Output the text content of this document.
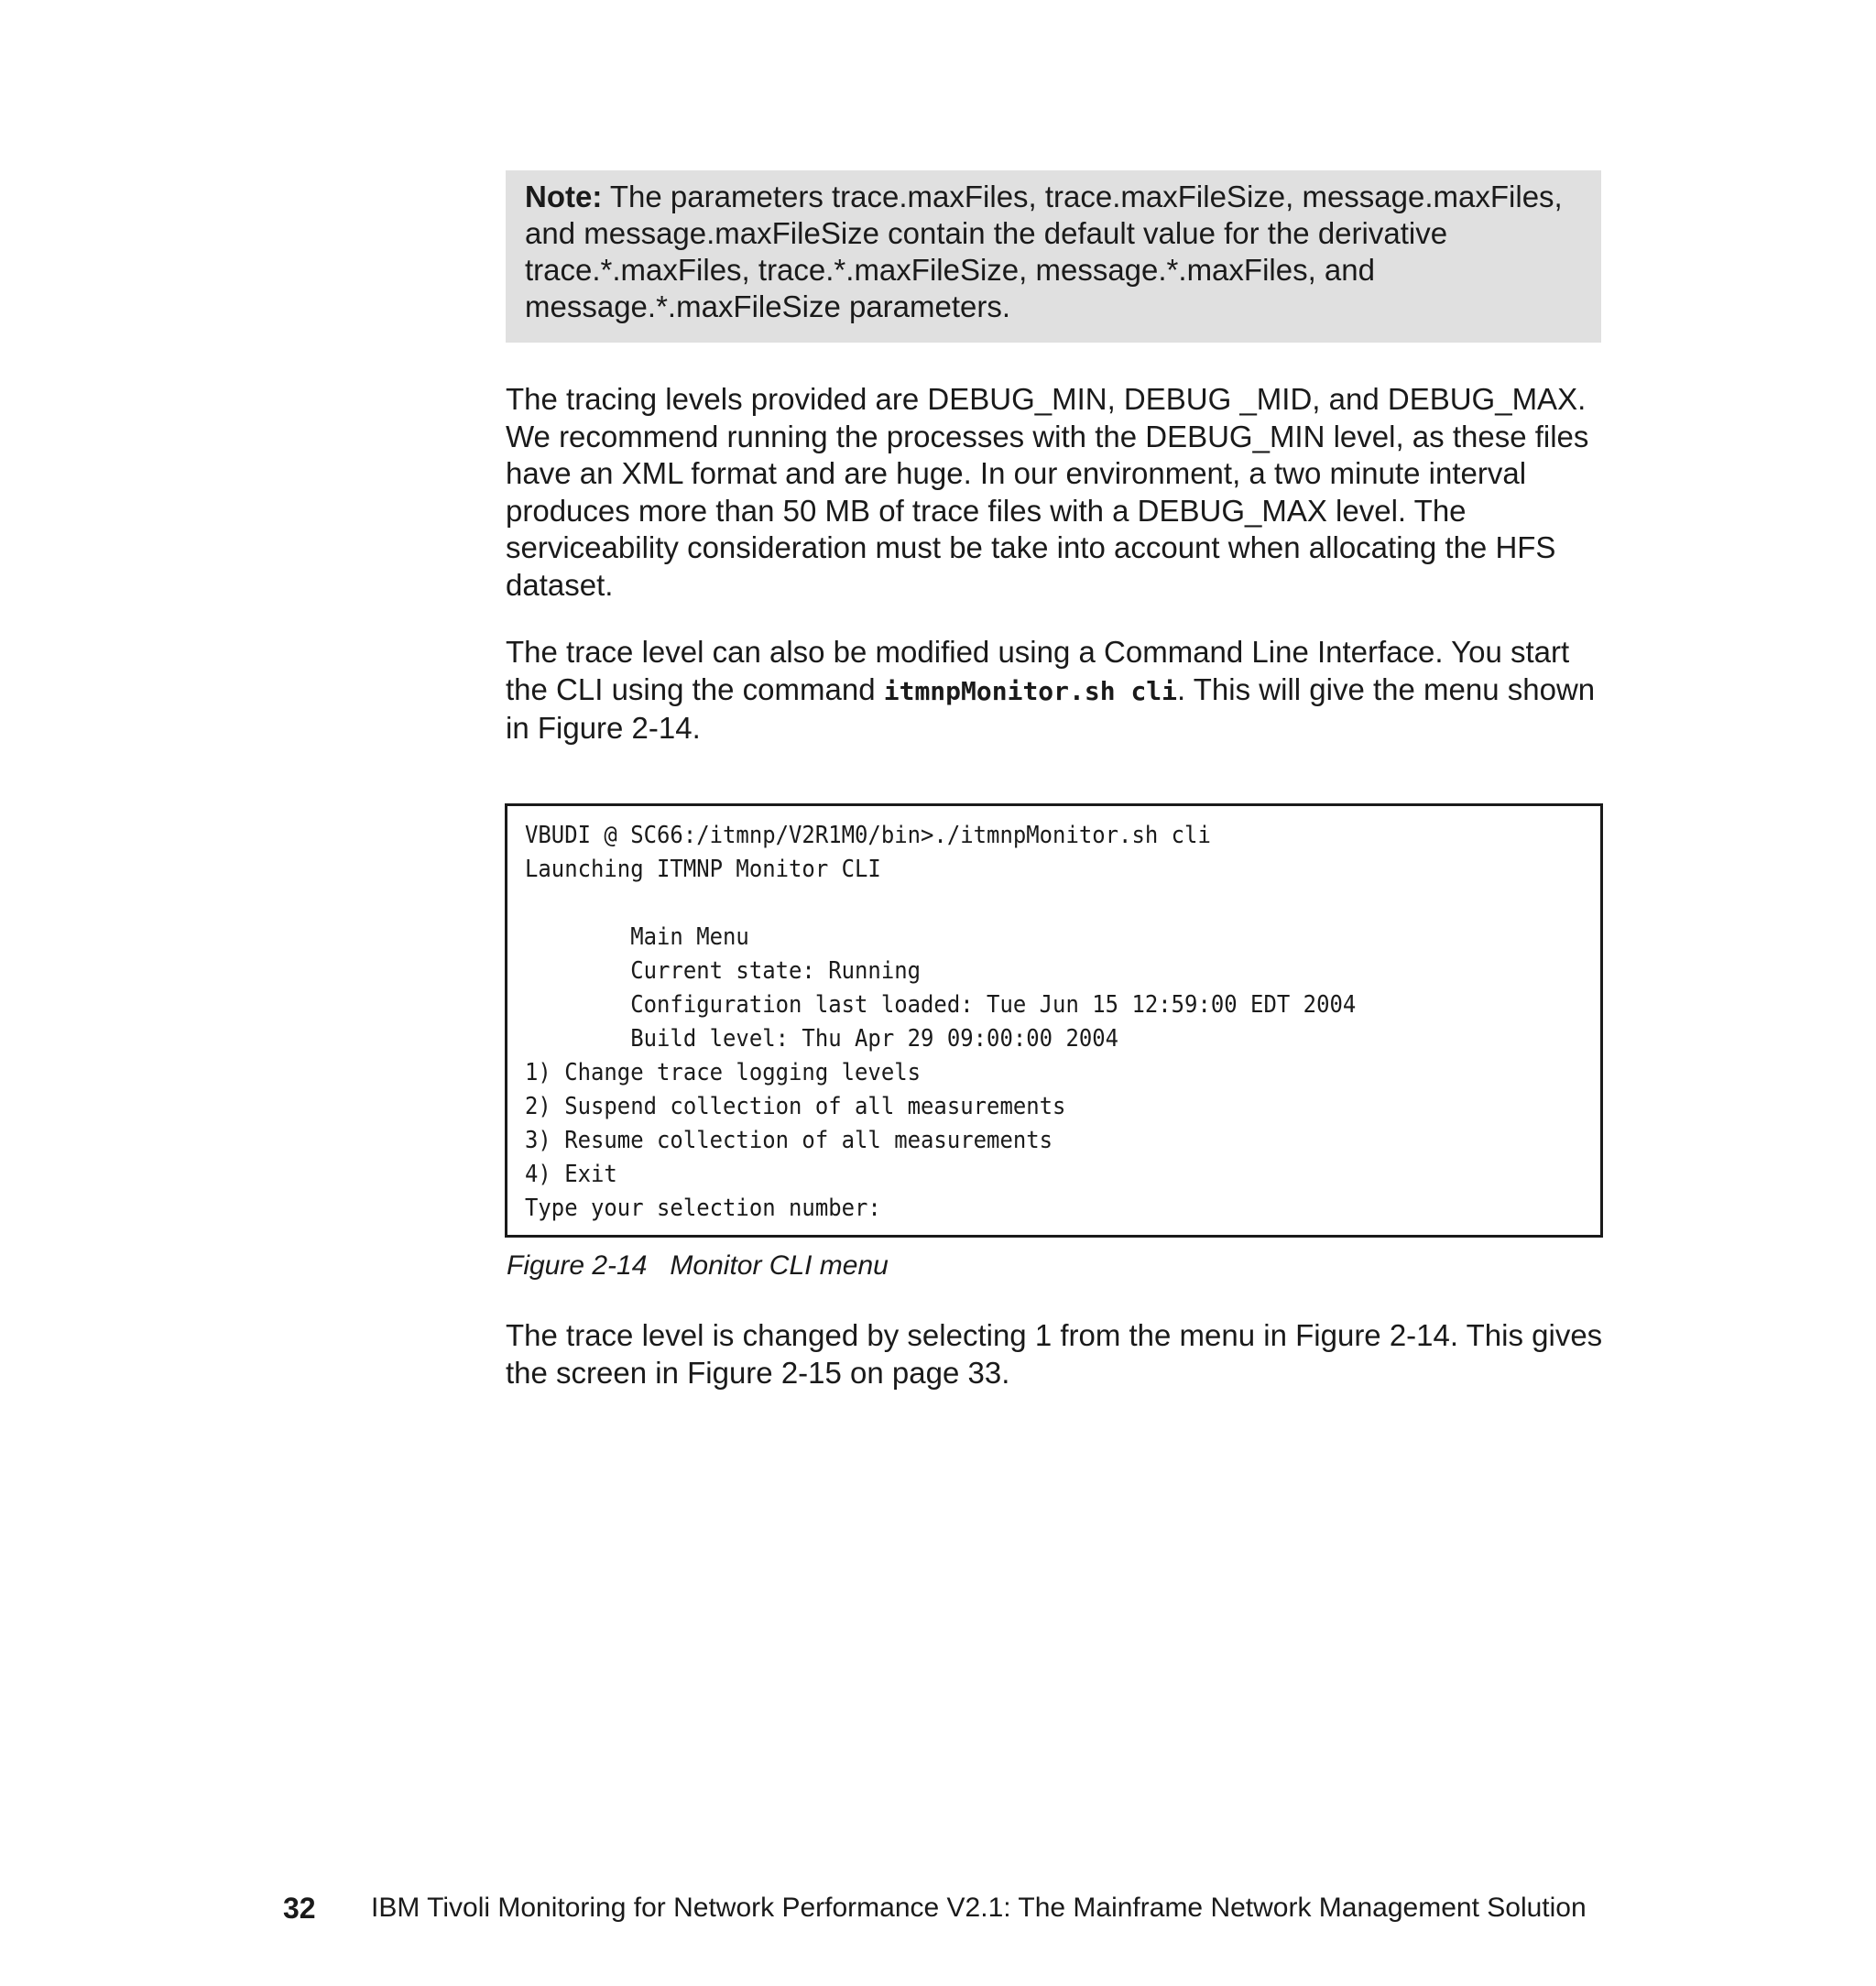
Note: The parameters trace.maxFiles, trace.maxFileSize, message.maxFiles, and message.maxFileSize contain the default value for the derivative trace.*.maxFiles, trace.*.maxFileSize, message.*.maxFiles, and message.*.maxFileSize parameters.

The tracing levels provided are DEBUG_MIN, DEBUG _MID, and DEBUG_MAX. We recommend running the processes with the DEBUG_MIN level, as these files have an XML format and are huge. In our environment, a two minute interval produces more than 50 MB of trace files with a DEBUG_MAX level. The serviceability consideration must be take into account when allocating the HFS dataset.

The trace level can also be modified using a Command Line Interface. You start the CLI using the command itmnpMonitor.sh cli. This will give the menu shown in Figure 2-14.

VBUDI @ SC66:/itmnp/V2R1M0/bin>./itmnpMonitor.sh cli
Launching ITMNP Monitor CLI

Main Menu
Current state: Running
Configuration last loaded: Tue Jun 15 12:59:00 EDT 2004
Build level: Thu Apr 29 09:00:00 2004
1) Change trace logging levels
2) Suspend collection of all measurements
3) Resume collection of all measurements
4) Exit
Type your selection number:
Figure 2-14   Monitor CLI menu

The trace level is changed by selecting 1 from the menu in Figure 2-14. This gives the screen in Figure 2-15 on page 33.

32 IBM Tivoli Monitoring for Network Performance V2.1: The Mainframe Network Management Solution
